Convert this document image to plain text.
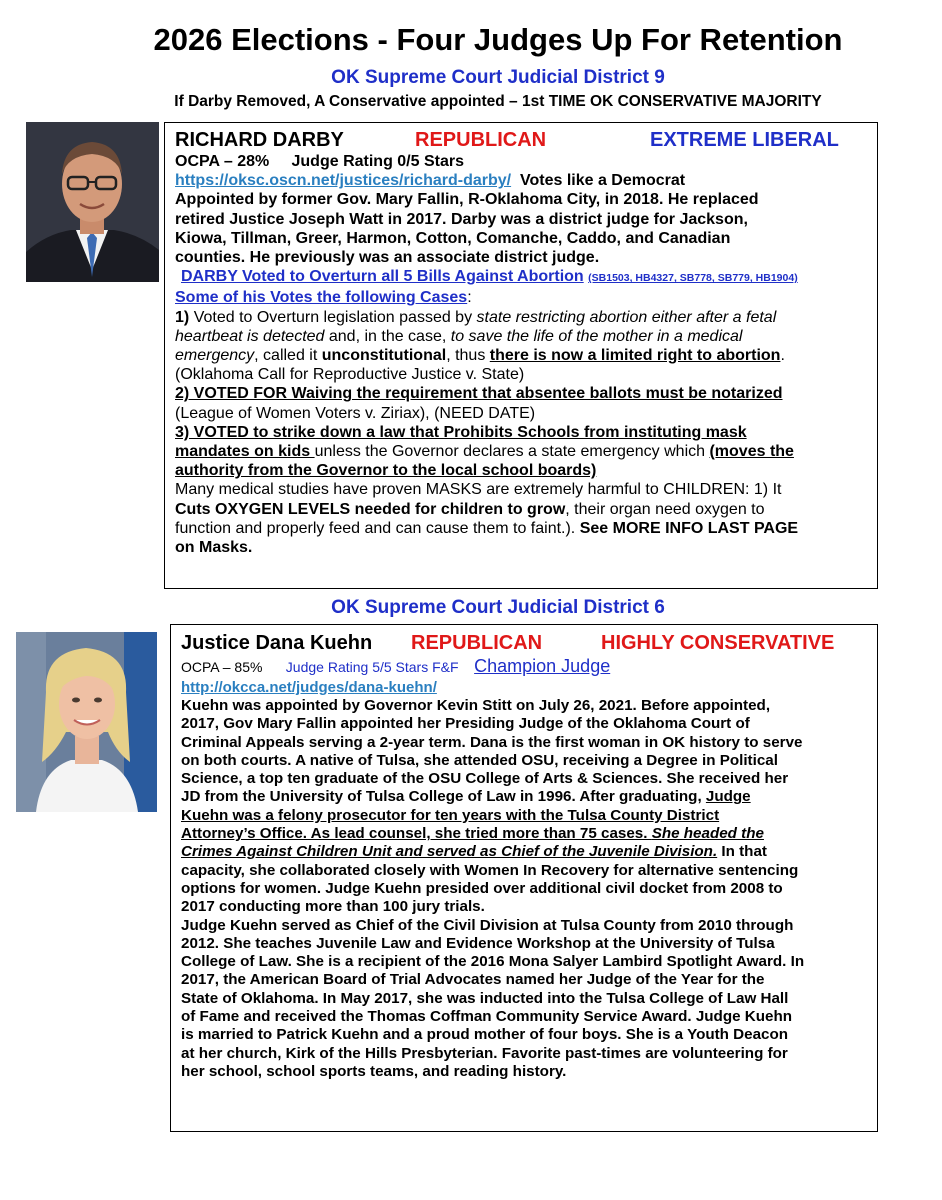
2026 Elections - Four Judges Up For Retention
OK Supreme Court Judicial District 9
If Darby Removed, A Conservative appointed – 1st TIME OK CONSERVATIVE MAJORITY
RICHARD DARBY	REPUBLICAN	EXTREME LIBERAL
OCPA – 28% Judge Rating 0/5 Stars
https://oksc.oscn.net/justices/richard-darby/ Votes like a Democrat
Appointed by former Gov. Mary Fallin, R-Oklahoma City, in 2018. He replaced
retired Justice Joseph Watt in 2017. Darby was a district judge for Jackson,
Kiowa, Tillman, Greer, Harmon, Cotton, Comanche, Caddo, and Canadian
counties. He previously was an associate district judge.
DARBY Voted to Overturn all 5 Bills Against Abortion (SB1503, HB4327, SB778, SB779, HB1904)
Some of his Votes the following Cases:
1) Voted to Overturn legislation passed by state restricting abortion either after a fetal
heartbeat is detected and, in the case, to save the life of the mother in a medical
emergency, called it unconstitutional, thus there is now a limited right to abortion.
(Oklahoma Call for Reproductive Justice v. State)
2) VOTED FOR Waiving the requirement that absentee ballots must be notarized
(League of Women Voters v. Ziriax), (NEED DATE)
3) VOTED to strike down a law that Prohibits Schools from instituting mask
mandates on kids unless the Governor declares a state emergency which (moves the
authority from the Governor to the local school boards)
Many medical studies have proven MASKS are extremely harmful to CHILDREN: 1) It
Cuts OXYGEN LEVELS needed for children to grow, their organ need oxygen to
function and properly feed and can cause them to faint.). See MORE INFO LAST PAGE
on Masks.
OK Supreme Court Judicial District 6
Justice Dana Kuehn REPUBLICAN	HIGHLY CONSERVATIVE
OCPA – 85% Judge Rating 5/5 Stars F&F Champion Judge
http://okcca.net/judges/dana-kuehn/
Kuehn was appointed by Governor Kevin Stitt on July 26, 2021. Before appointed,
2017, Gov Mary Fallin appointed her Presiding Judge of the Oklahoma Court of
Criminal Appeals serving a 2-year term. Dana is the first woman in OK history to serve
on both courts. A native of Tulsa, she attended OSU, receiving a Degree in Political
Science, a top ten graduate of the OSU College of Arts & Sciences. She received her
JD from the University of Tulsa College of Law in 1996. After graduating, Judge
Kuehn was a felony prosecutor for ten years with the Tulsa County District
Attorney’s Office. As lead counsel, she tried more than 75 cases. She headed the
Crimes Against Children Unit and served as Chief of the Juvenile Division. In that
capacity, she collaborated closely with Women In Recovery for alternative sentencing
options for women. Judge Kuehn presided over additional civil docket from 2008 to
2017 conducting more than 100 jury trials.
Judge Kuehn served as Chief of the Civil Division at Tulsa County from 2010 through
2012. She teaches Juvenile Law and Evidence Workshop at the University of Tulsa
College of Law. She is a recipient of the 2016 Mona Salyer Lambird Spotlight Award. In
2017, the American Board of Trial Advocates named her Judge of the Year for the
State of Oklahoma. In May 2017, she was inducted into the Tulsa College of Law Hall
of Fame and received the Thomas Coffman Community Service Award. Judge Kuehn
is married to Patrick Kuehn and a proud mother of four boys. She is a Youth Deacon
at her church, Kirk of the Hills Presbyterian. Favorite past-times are volunteering for
her school, school sports teams, and reading history.
